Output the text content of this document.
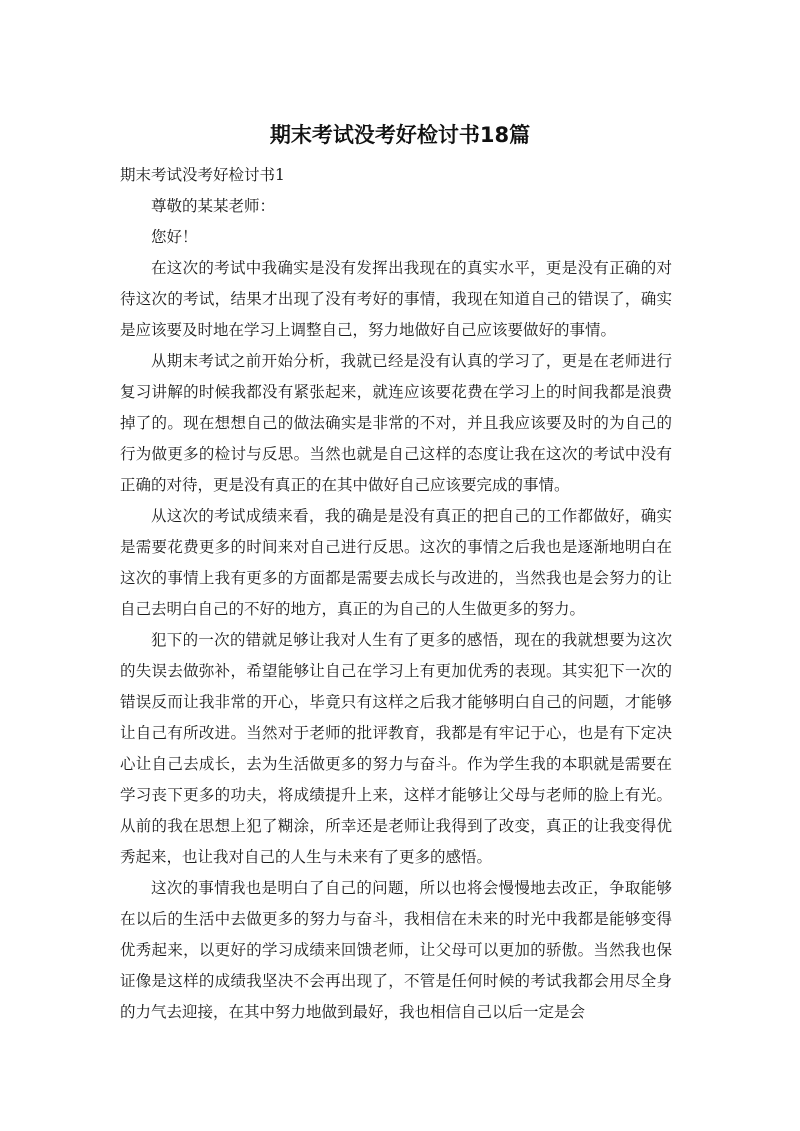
期末考试没考好检讨书18篇

期末考试没考好检讨书1

尊敬的某某老师：

您好！

在这次的考试中我确实是没有发挥出我现在的真实水平，更是没有正确的对待这次的考试，结果才出现了没有考好的事情，我现在知道自己的错误了，确实是应该要及时地在学习上调整自己，努力地做好自己应该要做好的事情。

从期末考试之前开始分析，我就已经是没有认真的学习了，更是在老师进行复习讲解的时候我都没有紧张起来，就连应该要花费在学习上的时间我都是浪费掉了的。现在想想自己的做法确实是非常的不对，并且我应该要及时的为自己的行为做更多的检讨与反思。当然也就是自己这样的态度让我在这次的考试中没有正确的对待，更是没有真正的在其中做好自己应该要完成的事情。

从这次的考试成绩来看，我的确是是没有真正的把自己的工作都做好，确实是需要花费更多的时间来对自己进行反思。这次的事情之后我也是逐渐地明白在这次的事情上我有更多的方面都是需要去成长与改进的，当然我也是会努力的让自己去明白自己的不好的地方，真正的为自己的人生做更多的努力。

犯下的一次的错就足够让我对人生有了更多的感悟，现在的我就想要为这次的失误去做弥补，希望能够让自己在学习上有更加优秀的表现。其实犯下一次的错误反而让我非常的开心，毕竟只有这样之后我才能够明白自己的问题，才能够让自己有所改进。当然对于老师的批评教育，我都是有牢记于心，也是有下定决心让自己去成长，去为生活做更多的努力与奋斗。作为学生我的本职就是需要在学习丧下更多的功夫，将成绩提升上来，这样才能够让父母与老师的脸上有光。从前的我在思想上犯了糊涂，所幸还是老师让我得到了改变，真正的让我变得优秀起来，也让我对自己的人生与未来有了更多的感悟。

这次的事情我也是明白了自己的问题，所以也将会慢慢地去改正，争取能够在以后的生活中去做更多的努力与奋斗，我相信在未来的时光中我都是能够变得优秀起来，以更好的学习成绩来回馈老师，让父母可以更加的骄傲。当然我也保证像是这样的成绩我坚决不会再出现了，不管是任何时候的考试我都会用尽全身的力气去迎接，在其中努力地做到最好，我也相信自己以后一定是会
